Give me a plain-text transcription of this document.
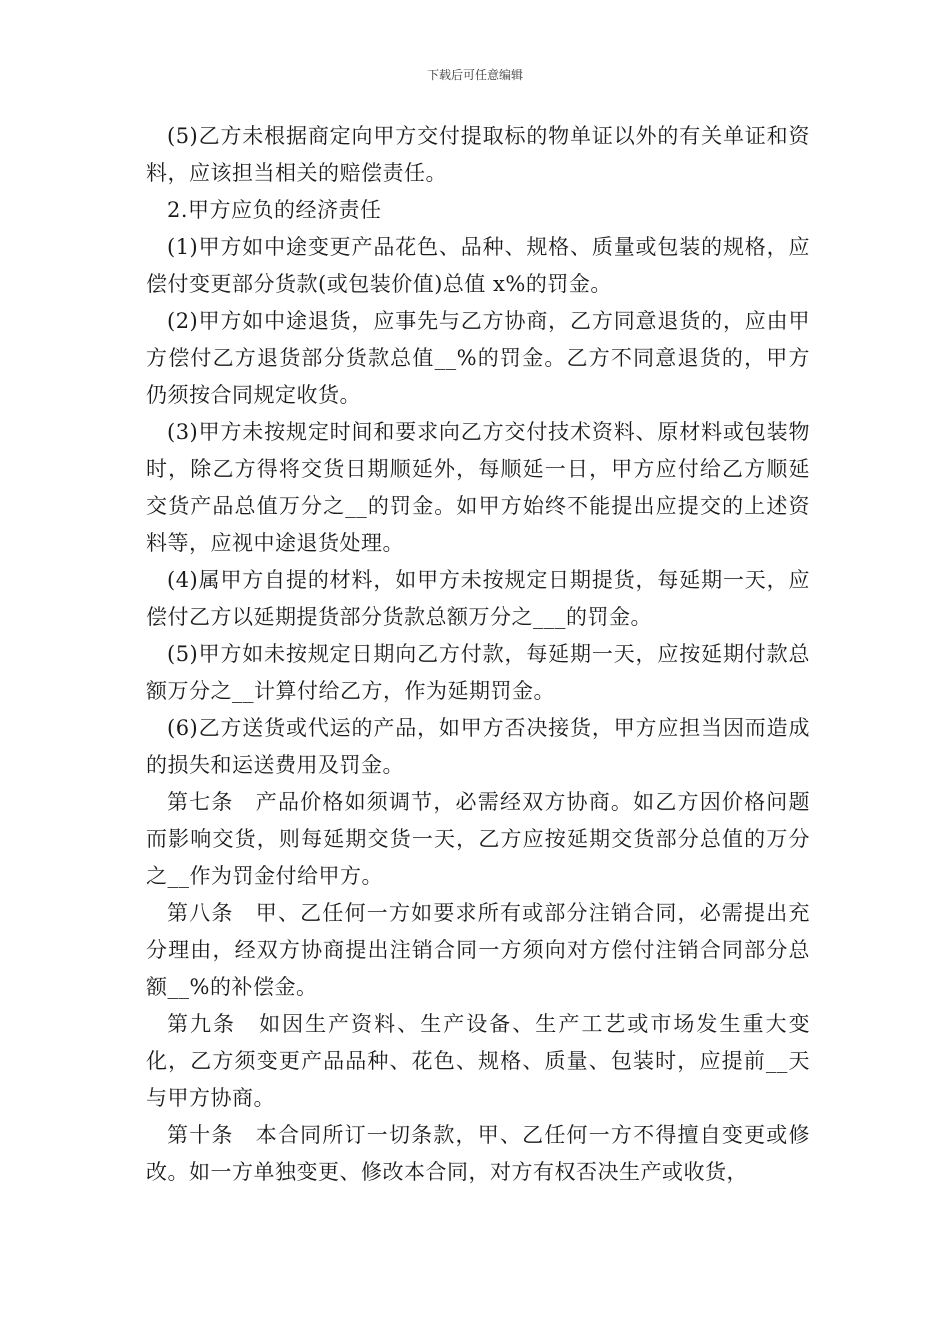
下载后可任意编辑

(5)乙方未根据商定向甲方交付提取标的物单证以外的有关单证和资料，应该担当相关的赔偿责任。

2.甲方应负的经济责任

(1)甲方如中途变更产品花色、品种、规格、质量或包装的规格，应偿付变更部分货款(或包装价值)总值 x%的罚金。

(2)甲方如中途退货，应事先与乙方协商，乙方同意退货的，应由甲方偿付乙方退货部分货款总值__%的罚金。乙方不同意退货的，甲方仍须按合同规定收货。

(3)甲方未按规定时间和要求向乙方交付技术资料、原材料或包装物时，除乙方得将交货日期顺延外，每顺延一日，甲方应付给乙方顺延交货产品总值万分之__的罚金。如甲方始终不能提出应提交的上述资料等，应视中途退货处理。

(4)属甲方自提的材料，如甲方未按规定日期提货，每延期一天，应偿付乙方以延期提货部分货款总额万分之___的罚金。

(5)甲方如未按规定日期向乙方付款，每延期一天，应按延期付款总额万分之__计算付给乙方，作为延期罚金。

(6)乙方送货或代运的产品，如甲方否决接货，甲方应担当因而造成的损失和运送费用及罚金。

第七条　产品价格如须调节，必需经双方协商。如乙方因价格问题而影响交货，则每延期交货一天，乙方应按延期交货部分总值的万分之__作为罚金付给甲方。

第八条　甲、乙任何一方如要求所有或部分注销合同，必需提出充分理由，经双方协商提出注销合同一方须向对方偿付注销合同部分总额__%的补偿金。

第九条　如因生产资料、生产设备、生产工艺或市场发生重大变化，乙方须变更产品品种、花色、规格、质量、包装时，应提前__天与甲方协商。

第十条　本合同所订一切条款，甲、乙任何一方不得擅自变更或修改。如一方单独变更、修改本合同，对方有权否决生产或收货，
